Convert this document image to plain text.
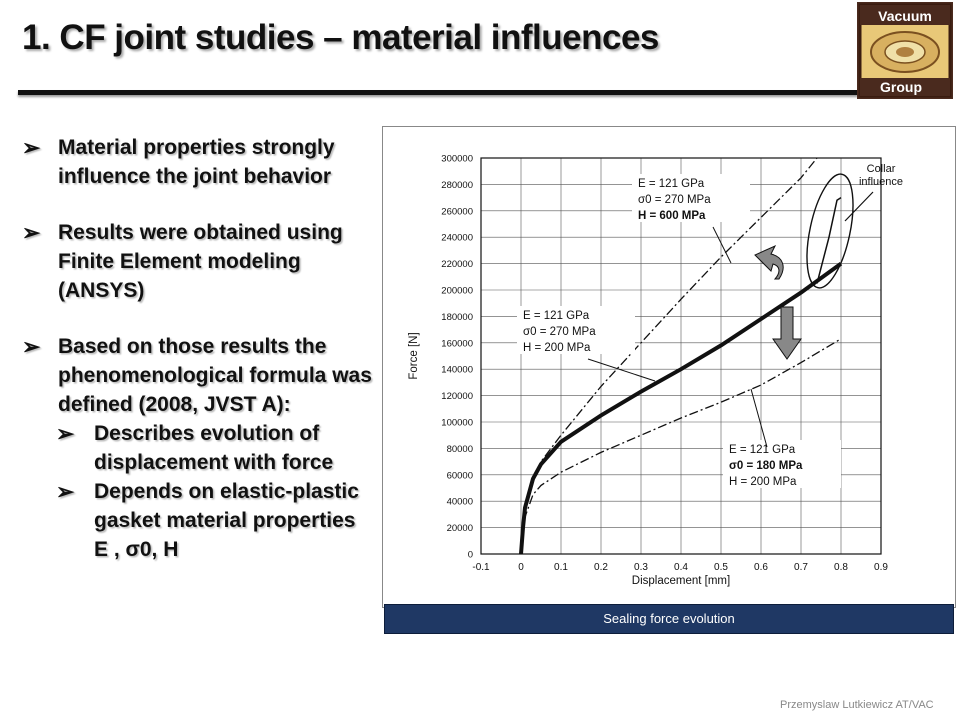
1. CF joint studies – material influences
Vacuum
Group
➢ Material properties strongly influence the joint behavior
➢ Results were obtained using Finite Element modeling (ANSYS)
➢ Based on those results the phenomenological formula was defined (2008, JVST A):
➢ Describes evolution of displacement with force
➢ Depends on elastic-plastic gasket material properties E , σ0, H
-0.1	0	0.1	0.2	0.3	0.4	0.5	0.6	0.7	0.8	0.9
0
20000
40000
60000
80000
100000
120000
140000
160000
180000
200000
220000
240000
260000
280000
300000
Displacement [mm]
Force [N]
E = 121 GPa
σ0 = 270 MPa
H = 600 MPa
E = 121 GPa
σ0 = 270 MPa
H = 200 MPa
E = 121 GPa
σ0 = 180 MPa
H = 200 MPa
Collar
influence
Sealing force evolution
Przemyslaw Lutkiewicz AT/VAC
